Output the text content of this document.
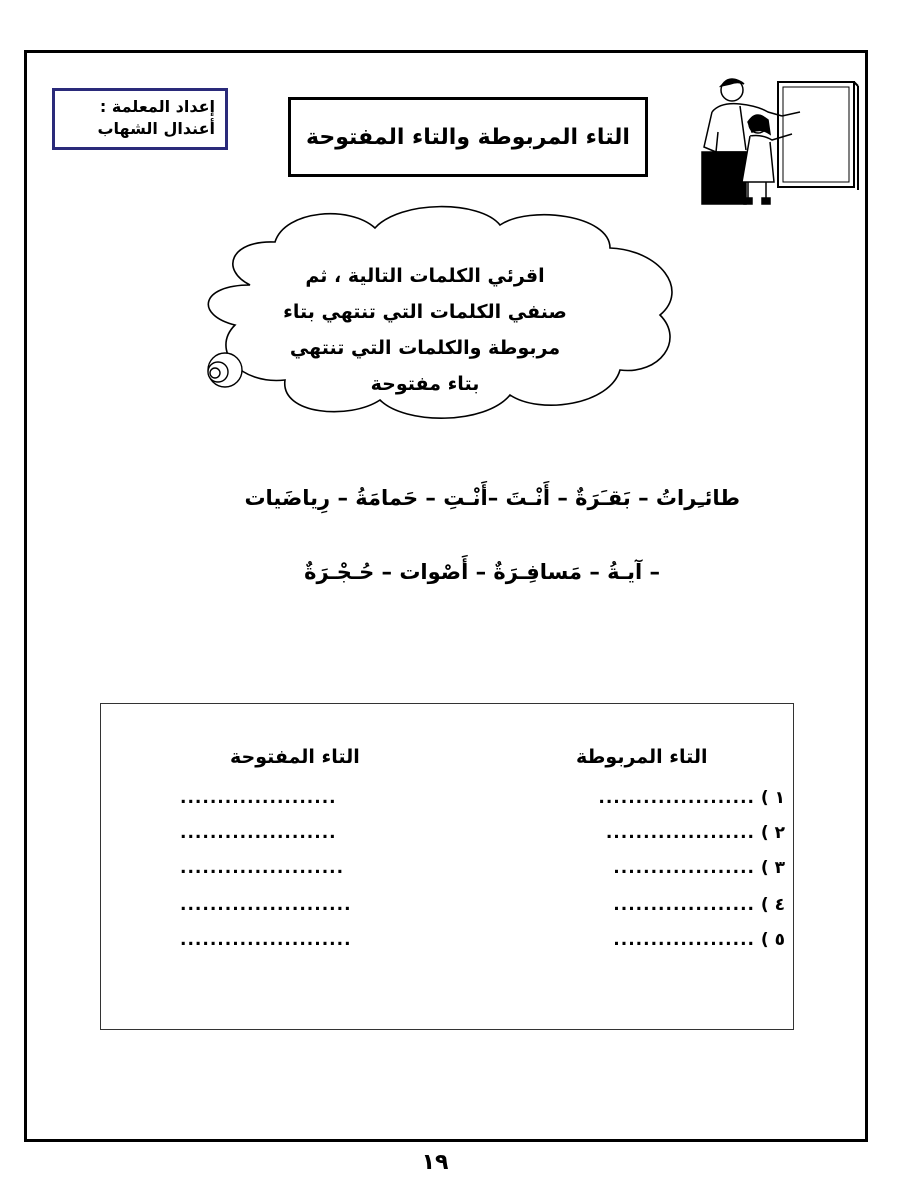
إعداد المعلمة :
أعندال الشهاب	التاء المربوطة والتاء المفتوحة
اقرئي الكلمات التالية ، ثم
صنفي الكلمات التي تنتهي بتاء
مربوطة والكلمات التي تنتهي
بتاء مفتوحة
طائـِراتُ – بَقـَرَةٌ – أَنْـتَ –أَنْـتِ – حَمامَةُ – رِياضَيات
– آيـةُ – مَسافِـرَةٌ – أَصْوات – حُـجْـرَةٌ
التاء المربوطة
التاء المفتوحة
١ )
.....................
.....................
٢ )
....................
.....................
٣ )
...................
......................
٤ )
...................
.......................
٥ )
...................
.......................
١٩
